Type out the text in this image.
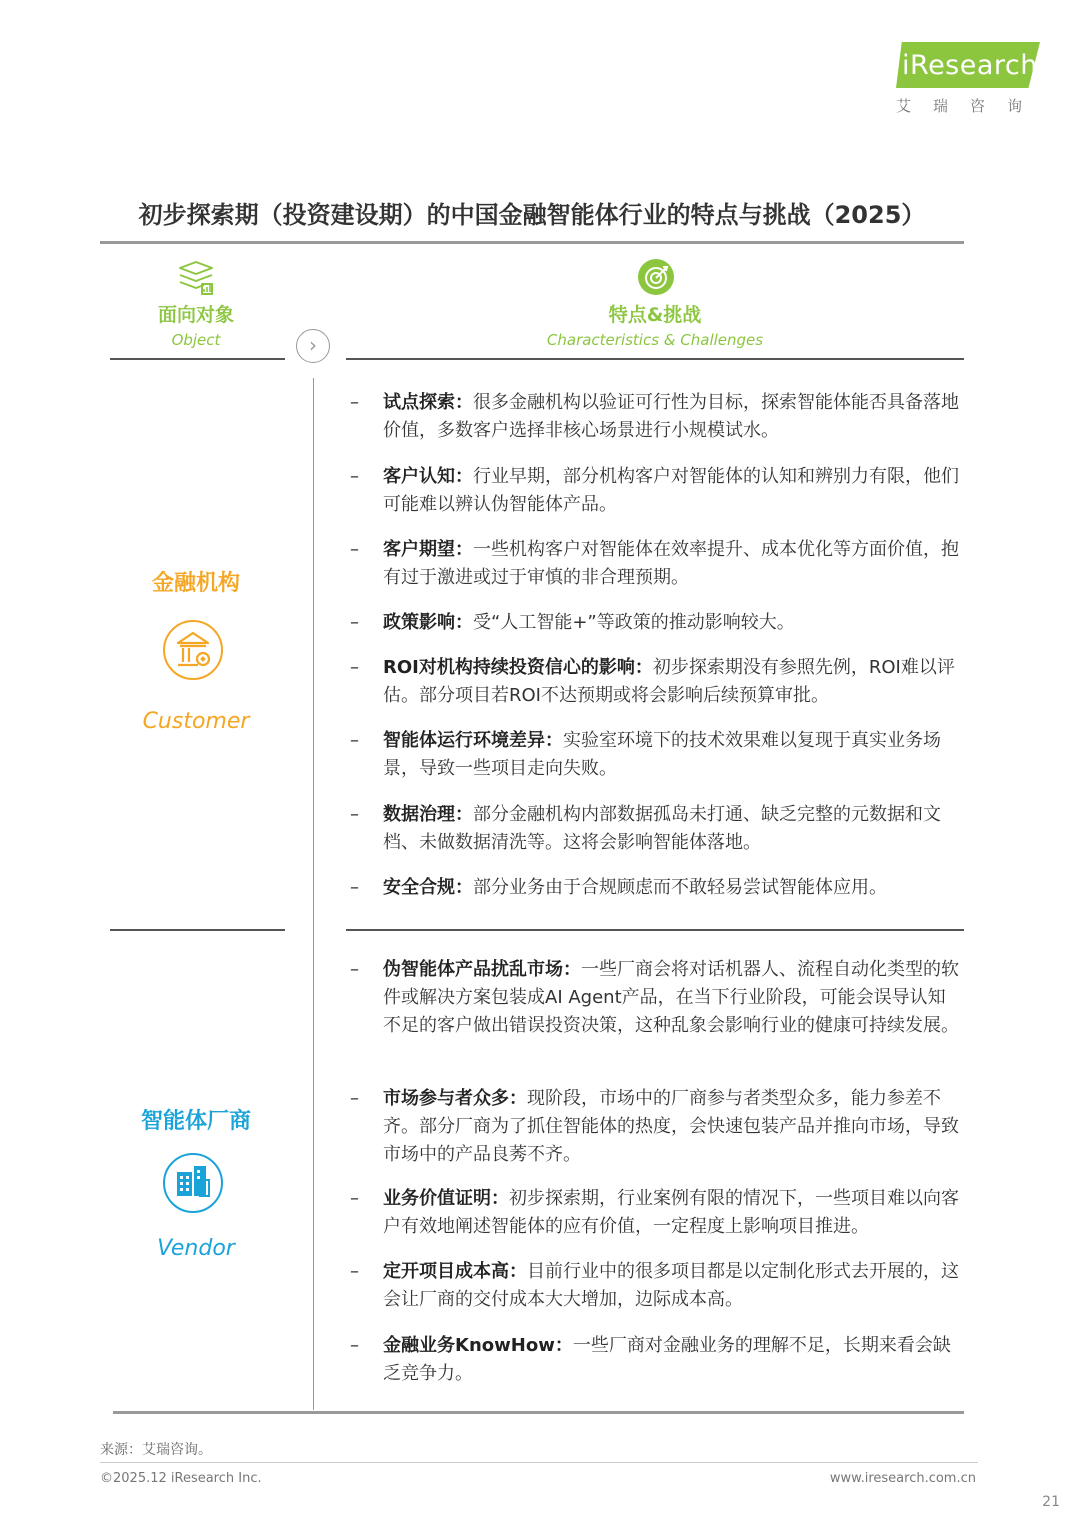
iResearch
艾瑞咨询
初步探索期（投资建设期）的中国金融智能体行业的特点与挑战（2025）
面向对象
Object	›
特点&挑战
Characteristics & Challenges
金融机构
Customer
–	试点探索：很多金融机构以验证可行性为目标，探索智能体能否具备落地价值，多数客户选择非核心场景进行小规模试水。
–	客户认知：行业早期，部分机构客户对智能体的认知和辨别力有限，他们可能难以辨认伪智能体产品。
–	客户期望：一些机构客户对智能体在效率提升、成本优化等方面价值，抱有过于激进或过于审慎的非合理预期。
–	政策影响：受“人工智能+”等政策的推动影响较大。
–	ROI对机构持续投资信心的影响：初步探索期没有参照先例，ROI难以评估。部分项目若ROI不达预期或将会影响后续预算审批。
–	智能体运行环境差异：实验室环境下的技术效果难以复现于真实业务场景，导致一些项目走向失败。
–	数据治理：部分金融机构内部数据孤岛未打通、缺乏完整的元数据和文档、未做数据清洗等。这将会影响智能体落地。
–	安全合规：部分业务由于合规顾虑而不敢轻易尝试智能体应用。
智能体厂商
Vendor
–	伪智能体产品扰乱市场：一些厂商会将对话机器人、流程自动化类型的软件或解决方案包装成AI Agent产品，在当下行业阶段，可能会误导认知不足的客户做出错误投资决策，这种乱象会影响行业的健康可持续发展。
–	市场参与者众多：现阶段，市场中的厂商参与者类型众多，能力参差不齐。部分厂商为了抓住智能体的热度，会快速包装产品并推向市场，导致市场中的产品良莠不齐。
–	业务价值证明：初步探索期，行业案例有限的情况下，一些项目难以向客户有效地阐述智能体的应有价值，一定程度上影响项目推进。
–	定开项目成本高：目前行业中的很多项目都是以定制化形式去开展的，这会让厂商的交付成本大大增加，边际成本高。
–	金融业务KnowHow：一些厂商对金融业务的理解不足，长期来看会缺乏竞争力。
来源：艾瑞咨询。
©2025.12 iResearch Inc.	www.iresearch.com.cn
21
